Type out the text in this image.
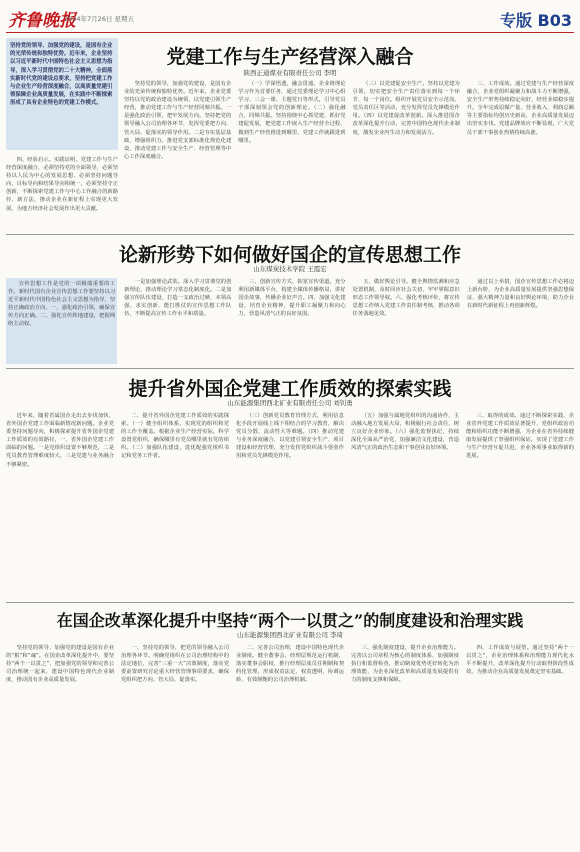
齐鲁晚报
2024年7月26日 星期五	专版 B03
党建工作与生产经营深入融合
陕西正通煤业有限责任公司 李明
坚持党的领导、加强党的建设，是国有企业的光荣传统和独特优势。近年来，企业坚持以习近平新时代中国特色社会主义思想为指导，深入学习贯彻党的二十大精神，全面落实新时代党的建设总要求，坚持把党建工作与企业生产经营深度融合，以高质量党建引领保障企业高质量发展，在实践中不断探索形成了具有企业特色的党建工作模式。

坚持党的领导，加强党的建设，是国有企业的光荣传统和独特优势。近年来，企业党委坚持以党的政治建设为统领，以党建引领生产经营，推动党建工作与生产经营同频共振。一是强化政治引领，把牢发展方向。坚持把党的领导融入公司治理各环节，发挥党委把方向、管大局、促落实的领导作用。二是夯实基层基础，增强组织力。推进党支部标准化规范化建设，推动党建工作与安全生产、经营管理等中心工作深度融合。

（一）学深悟透，融会贯通。企业将理论学习作为首要任务，通过党委理论学习中心组学习、三会一课、主题党日等形式，引导党员干部深刻领会党的创新理论。（二）强化融合，同频共振。坚持围绕中心抓党建、抓好党建促发展，把党建工作嵌入生产经营全过程，做到生产经营推进到哪里，党建工作就跟进到哪里。

（三）以党建促安全生产。坚持以党建为引领，切实把安全生产责任落实到每一个环节、每一个岗位。组织开展党员安全示范岗、党员责任区等活动，充分发挥党员先锋模范作用。（四）以党建促改革创新。深入推进国企改革深化提升行动，完善中国特色现代企业制度，激发企业内生动力和发展活力。

三、工作成效。通过党建与生产经营深度融合，企业党组织凝聚力和战斗力不断增强，安全生产形势持续稳定向好，经营业绩稳步提升。全年完成原煤产量、营业收入、利润总额等主要指标均创历史新高，企业高质量发展迈出坚实步伐。党建品牌效应不断显现，广大党员干部干事创业热情持续高涨。

四、经验启示。实践证明，党建工作与生产经营深度融合，必须坚持党的全面领导，必须坚持以人民为中心的发展思想，必须坚持问题导向、目标导向和结果导向相统一，必须坚持守正创新，不断探索党建工作与中心工作融合的新路径、新方法，推动企业在新征程上实现更大发展，为地方经济社会发展作出更大贡献。

论新形势下如何做好国企的宣传思想工作
山东煤炭技术学院 王霞宏

宣传思想工作是党的一项极端重要的工作。新时代国有企业宣传思想工作要坚持以习近平新时代中国特色社会主义思想为指导，坚持正确政治方向，一、强化政治引领，确保宣传方向正确。二、强化宣传阵地建设，把握网络主动权。

一是加强理论武装。深入学习贯彻党的创新理论，推动理论学习常态化制度化。二是加强宣传队伍建设，打造一支政治过硬、本领高强、求实创新、能打胜仗的宣传思想工作队伍，不断提高宣传工作水平和质量。

三、创新宣传方式，拓宽宣传渠道。充分利用新媒体平台，构建全媒体传播格局，讲好国企故事，传播企业好声音。四、加强文化建设，培育企业精神，提升职工凝聚力和向心力，营造风清气正的良好氛围。

五、做好舆论引导。健全舆情监测和应急处置机制，及时回应社会关切，牢牢掌握意识形态工作领导权。六、强化考核评价，将宣传思想工作纳入党建工作责任制考核，推动各项任务落地见效。

通过以上举措，国企宣传思想工作必将迈上新台阶，为企业高质量发展提供坚强思想保证、强大精神力量和良好舆论环境，助力企业在新时代新征程上再创新辉煌。

提升省外国企党建工作质效的探索实践
山东能源集团西北矿业有限责任公司 刘钊勇

近年来，随着省属国企走出去步伐加快，省外国企党建工作面临新情况新问题。企业党委坚持问题导向，积极探索提升省外国企党建工作质效的有效路径，一、省外国企党建工作面临的问题。一是党组织设置不够规范，二是党员教育管理难度较大，三是党建与业务融合不够紧密。

二、提升省外国企党建工作质效的实践探索。（一）健全组织体系，实现党的组织和党的工作全覆盖。根据企业生产经营实际，科学设置党组织，确保哪里有党员哪里就有党的组织。（二）加强队伍建设，选优配强党组织书记和党务工作者。

（三）创新党员教育管理方式，利用信息化手段开展线上线下相结合的学习教育，解决党员分散、流动性大等难题。（四）推动党建与业务深度融合，以党建引领安全生产、项目建设和经营管理，充分发挥党组织战斗堡垒作用和党员先锋模范作用。

（五）加强与属地党组织的沟通协作，主动融入地方发展大局，积极履行社会责任，树立良好企业形象。（六）强化监督执纪，持续深化全面从严治党，加强廉洁文化建设，营造风清气正的政治生态和干事创业良好环境。

三、取得的成效。通过不断探索实践，企业省外党建工作质效显著提升，党组织政治功能和组织功能不断增强，为企业在省外持续健康发展提供了坚强组织保证，实现了党建工作与生产经营互促共进，企业各项事业取得新的进展。

在国企改革深化提升中坚持“两个一以贯之”的制度建设和治理实践
山东能源集团西北矿业有限公司 李琦

坚持党的领导、加强党的建设是国有企业的“根”和“魂”。在国企改革深化提升中，要坚持“两个一以贯之”，把加强党的领导和完善公司治理统一起来，建设中国特色现代企业制度，推动国有企业高质量发展。

一、坚持党的领导，把党的领导融入公司治理各环节。明确党组织在公司治理结构中的法定地位，完善“三重一大”决策制度，落实党委前置研究讨论重大经营管理事项要求，确保党组织把方向、管大局、促落实。

二、完善公司治理，建设中国特色现代企业制度。健全董事会、经理层规范运行机制，落实董事会职权，推行经理层成员任期制和契约化管理，形成权责法定、权责透明、协调运转、有效制衡的公司治理机制。

三、强化制度建设，提升企业治理能力。完善以公司章程为核心的制度体系，加强制度执行和监督检查，推动制度优势更好转化为治理效能，为企业深化改革和高质量发展提供有力的制度支撑和保障。

四、工作成效与展望。通过坚持“两个一以贯之”，企业治理体系和治理能力现代化水平不断提升，改革深化提升行动取得阶段性成效，为推动企业高质量发展奠定坚实基础。
